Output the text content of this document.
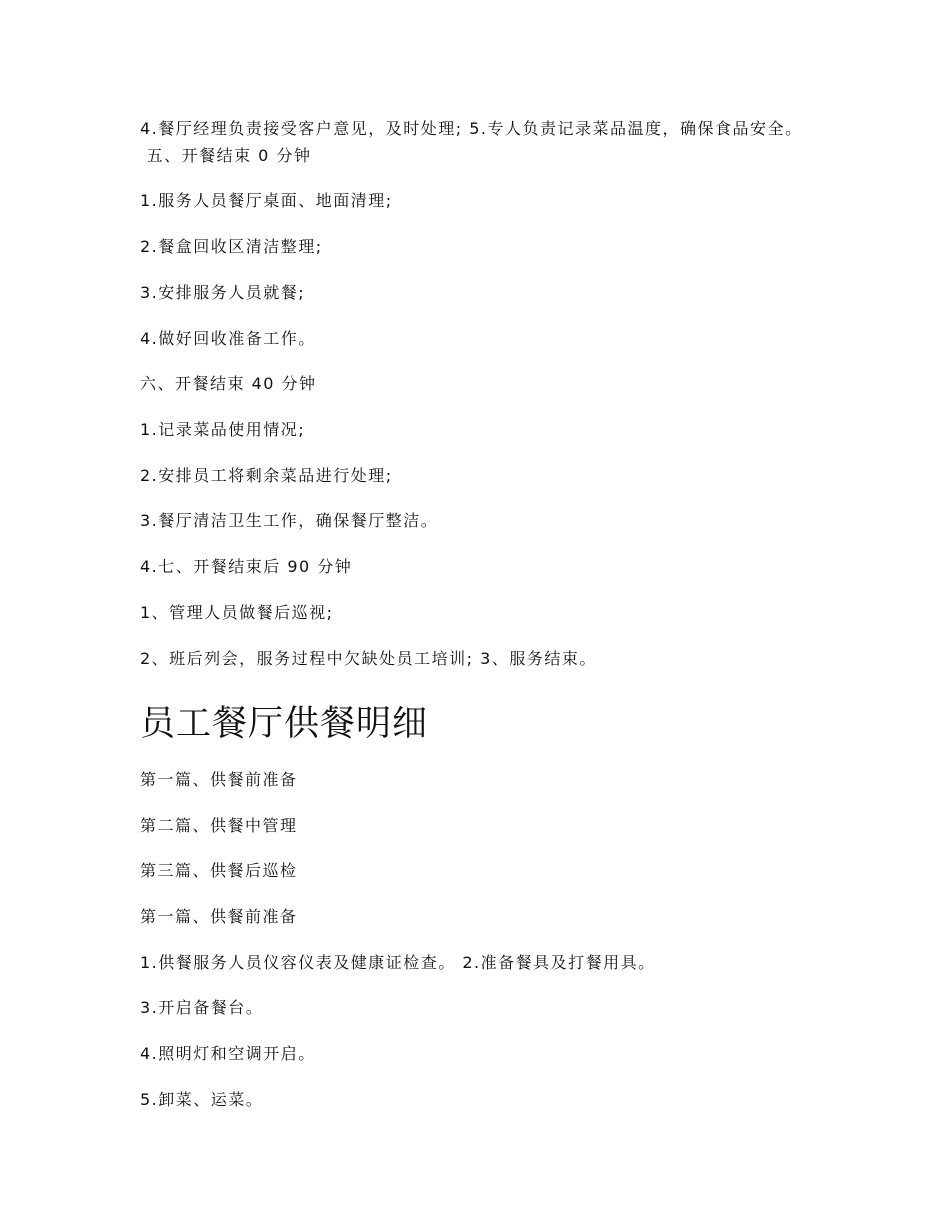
4.餐厅经理负责接受客户意见，及时处理; 5.专人负责记录菜品温度，确保食品安全。

五、开餐结束 0 分钟

1.服务人员餐厅桌面、地面清理;

2.餐盒回收区清洁整理;

3.安排服务人员就餐;

4.做好回收准备工作。

六、开餐结束 40 分钟

1.记录菜品使用情况;

2.安排员工将剩余菜品进行处理;

3.餐厅清洁卫生工作，确保餐厅整洁。

4.七、开餐结束后 90 分钟

1、管理人员做餐后巡视;

2、班后列会，服务过程中欠缺处员工培训; 3、服务结束。

员工餐厅供餐明细

第一篇、供餐前准备

第二篇、供餐中管理

第三篇、供餐后巡检

第一篇、供餐前准备

1.供餐服务人员仪容仪表及健康证检查。 2.准备餐具及打餐用具。

3.开启备餐台。

4.照明灯和空调开启。

5.卸菜、运菜。
